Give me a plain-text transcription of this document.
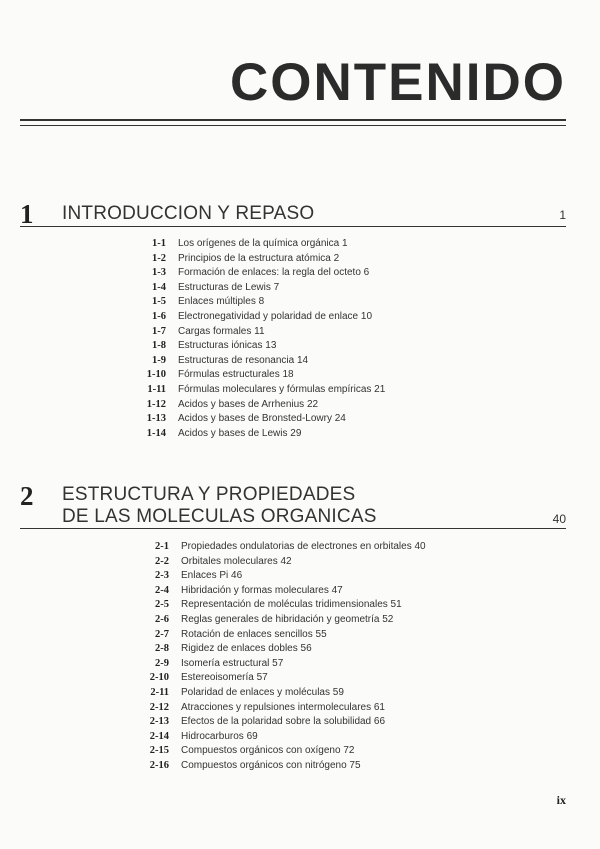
CONTENIDO
1 INTRODUCCION Y REPASO	1
1-1 Los orígenes de la química orgánica 1
1-2 Principios de la estructura atómica 2
1-3 Formación de enlaces: la regla del octeto 6
1-4 Estructuras de Lewis 7
1-5 Enlaces múltiples 8
1-6 Electronegatividad y polaridad de enlace 10
1-7 Cargas formales 11
1-8 Estructuras iónicas 13
1-9 Estructuras de resonancia 14
1-10 Fórmulas estructurales 18
1-11 Fórmulas moleculares y fórmulas empíricas 21
1-12 Acidos y bases de Arrhenius 22
1-13 Acidos y bases de Bronsted-Lowry 24
1-14 Acidos y bases de Lewis 29
2 ESTRUCTURA Y PROPIEDADES
DE LAS MOLECULAS ORGANICAS	40
2-1 Propiedades ondulatorias de electrones en orbitales 40
2-2 Orbitales moleculares 42
2-3 Enlaces Pi 46
2-4 Hibridación y formas moleculares 47
2-5 Representación de moléculas tridimensionales 51
2-6 Reglas generales de hibridación y geometría 52
2-7 Rotación de enlaces sencillos 55
2-8 Rigidez de enlaces dobles 56
2-9 Isomería estructural 57
2-10 Estereoisomería 57
2-11 Polaridad de enlaces y moléculas 59
2-12 Atracciones y repulsiones intermoleculares 61
2-13 Efectos de la polaridad sobre la solubilidad 66
2-14 Hidrocarburos 69
2-15 Compuestos orgánicos con oxígeno 72
2-16 Compuestos orgánicos con nitrógeno 75
ix
